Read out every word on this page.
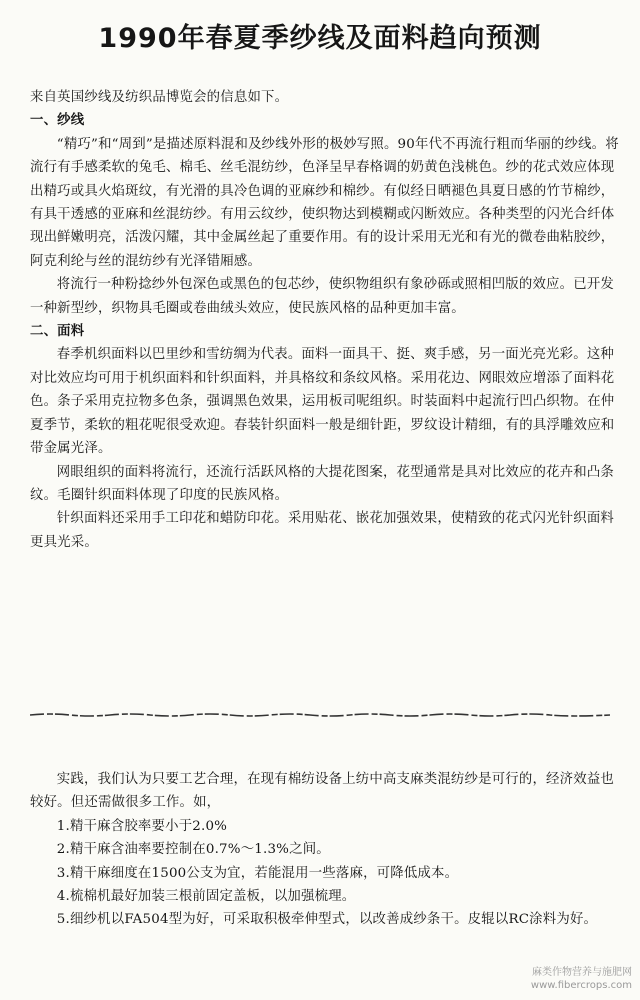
1990年春夏季纱线及面料趋向预测

来自英国纱线及纺织品博览会的信息如下。

一、纱线

“精巧”和“周到”是描述原料混和及纱线外形的极妙写照。90年代不再流行粗而华丽的纱线。将流行有手感柔软的兔毛、棉毛、丝毛混纺纱，色泽呈早春格调的奶黄色浅桃色。纱的花式效应体现出精巧或具火焰斑纹，有光滑的具冷色调的亚麻纱和棉纱。有似经日晒褪色具夏日感的竹节棉纱，有具干透感的亚麻和丝混纺纱。有用云纹纱，使织物达到模糊或闪断效应。各种类型的闪光合纤体现出鲜嫩明亮，活泼闪耀，其中金属丝起了重要作用。有的设计采用无光和有光的微卷曲粘胶纱，阿克利纶与丝的混纺纱有光泽错厢感。

将流行一种粉捻纱外包深色或黑色的包芯纱，使织物组织有象砂砾或照相凹版的效应。已开发一种新型纱，织物具毛圈或卷曲绒头效应，使民族风格的品种更加丰富。

二、面料

春季机织面料以巴里纱和雪纺绸为代表。面料一面具干、挺、爽手感，另一面光亮光彩。这种对比效应均可用于机织面料和针织面料，并具格纹和条纹风格。采用花边、网眼效应增添了面料花色。条子采用克拉物多色条，强调黑色效果，运用板司呢组织。时装面料中起流行凹凸织物。在仲夏季节，柔软的粗花呢很受欢迎。春装针织面料一般是细针距，罗纹设计精细，有的具浮雕效应和带金属光泽。

网眼组织的面料将流行，还流行活跃风格的大提花图案，花型通常是具对比效应的花卉和凸条纹。毛圈针织面料体现了印度的民族风格。

针织面料还采用手工印花和蜡防印花。采用贴花、嵌花加强效果，使精致的花式闪光针织面料更具光采。

实践，我们认为只要工艺合理，在现有棉纺设备上纺中高支麻类混纺纱是可行的，经济效益也较好。但还需做很多工作。如，

1.精干麻含胶率要小于2.0%

2.精干麻含油率要控制在0.7%～1.3%之间。

3.精干麻细度在1500公支为宜，若能混用一些落麻，可降低成本。

4.梳棉机最好加装三根前固定盖板，以加强梳理。

5.细纱机以FA504型为好，可采取积极牵伸型式，以改善成纱条干。皮辊以RC涂料为好。

麻类作物营养与施肥网 www.fibercrops.com
